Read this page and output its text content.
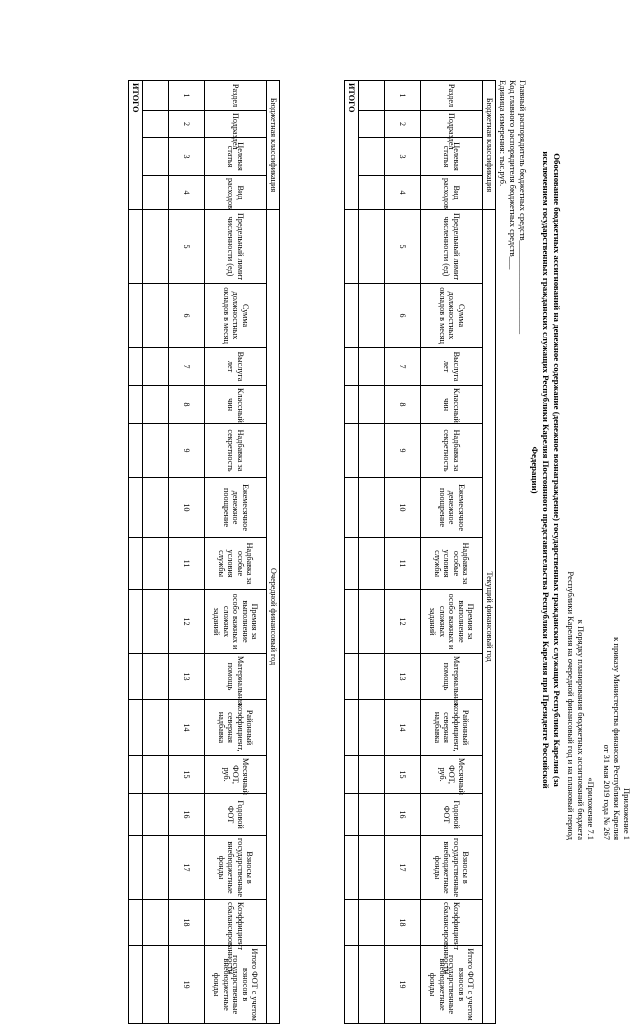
Приложение 1
к приказу Министерства финансов Республики Карелия
от 31 мая 2019 года № 267
«Приложение 7.1
к Порядку планирования бюджетных ассигнований бюджета
Республики Карелия на очередной финансовый год и на плановый период
Обоснование бюджетных ассигнований на денежное содержание (денежное вознаграждение) государственных гражданских служащих Республики Карелия (за
исключением государственных гражданских служащих Республики Карелия Постоянного представительства Республики Карелия при Президенте Российской
Федерации)
Главный распорядитель бюджетных средств______________________
Код главного распорядителя бюджетных средств___
Единица измерения: тыс.руб.
Бюджетная классификация				Текущий финансовый год														
Раздел	Подраздел	Целевая статья	Вид расходов	Предельный лимит численности (ед)	Сумма должностных окладов в месяц	Выслуга лет	Классный чин	Надбавка за секретность	Ежемесячное денежное поощрение	Надбавка за особые условия службы	Премия за выполнение особо важных и сложных заданий	Материальная помощь	Районный коэффициент, северная надбавка	Месячный ФОТ, руб.	Годовой ФОТ	Взносы в государственные внебюджетные фонды	Коэффициент сбалансированности	Итого ФОТ с учетом взносов в государственные внебюджетные фонды
1	2	3	4	5	6	7	8	9	10	11	12	13	14	15	16	17	18	19

ИТОГО																		
Бюджетная классификация				Очередной финансовый год														
Раздел	Подраздел	Целевая статья	Вид расходов	Предельный лимит численности (ед)	Сумма должностных окладов в месяц	Выслуга лет	Классный чин	Надбавка за секретность	Ежемесячное денежное поощрение	Надбавка за особые условия службы	Премия за выполнение особо важных и сложных заданий	Материальная помощь	Районный коэффициент, северная надбавка	Месячный ФОТ, руб.	Годовой ФОТ	Взносы в государственные внебюджетные фонды	Коэффициент сбалансированности	Итого ФОТ с учетом взносов в государственные внебюджетные фонды
1	2	3	4	5	6	7	8	9	10	11	12	13	14	15	16	17	18	19

ИТОГО																		
